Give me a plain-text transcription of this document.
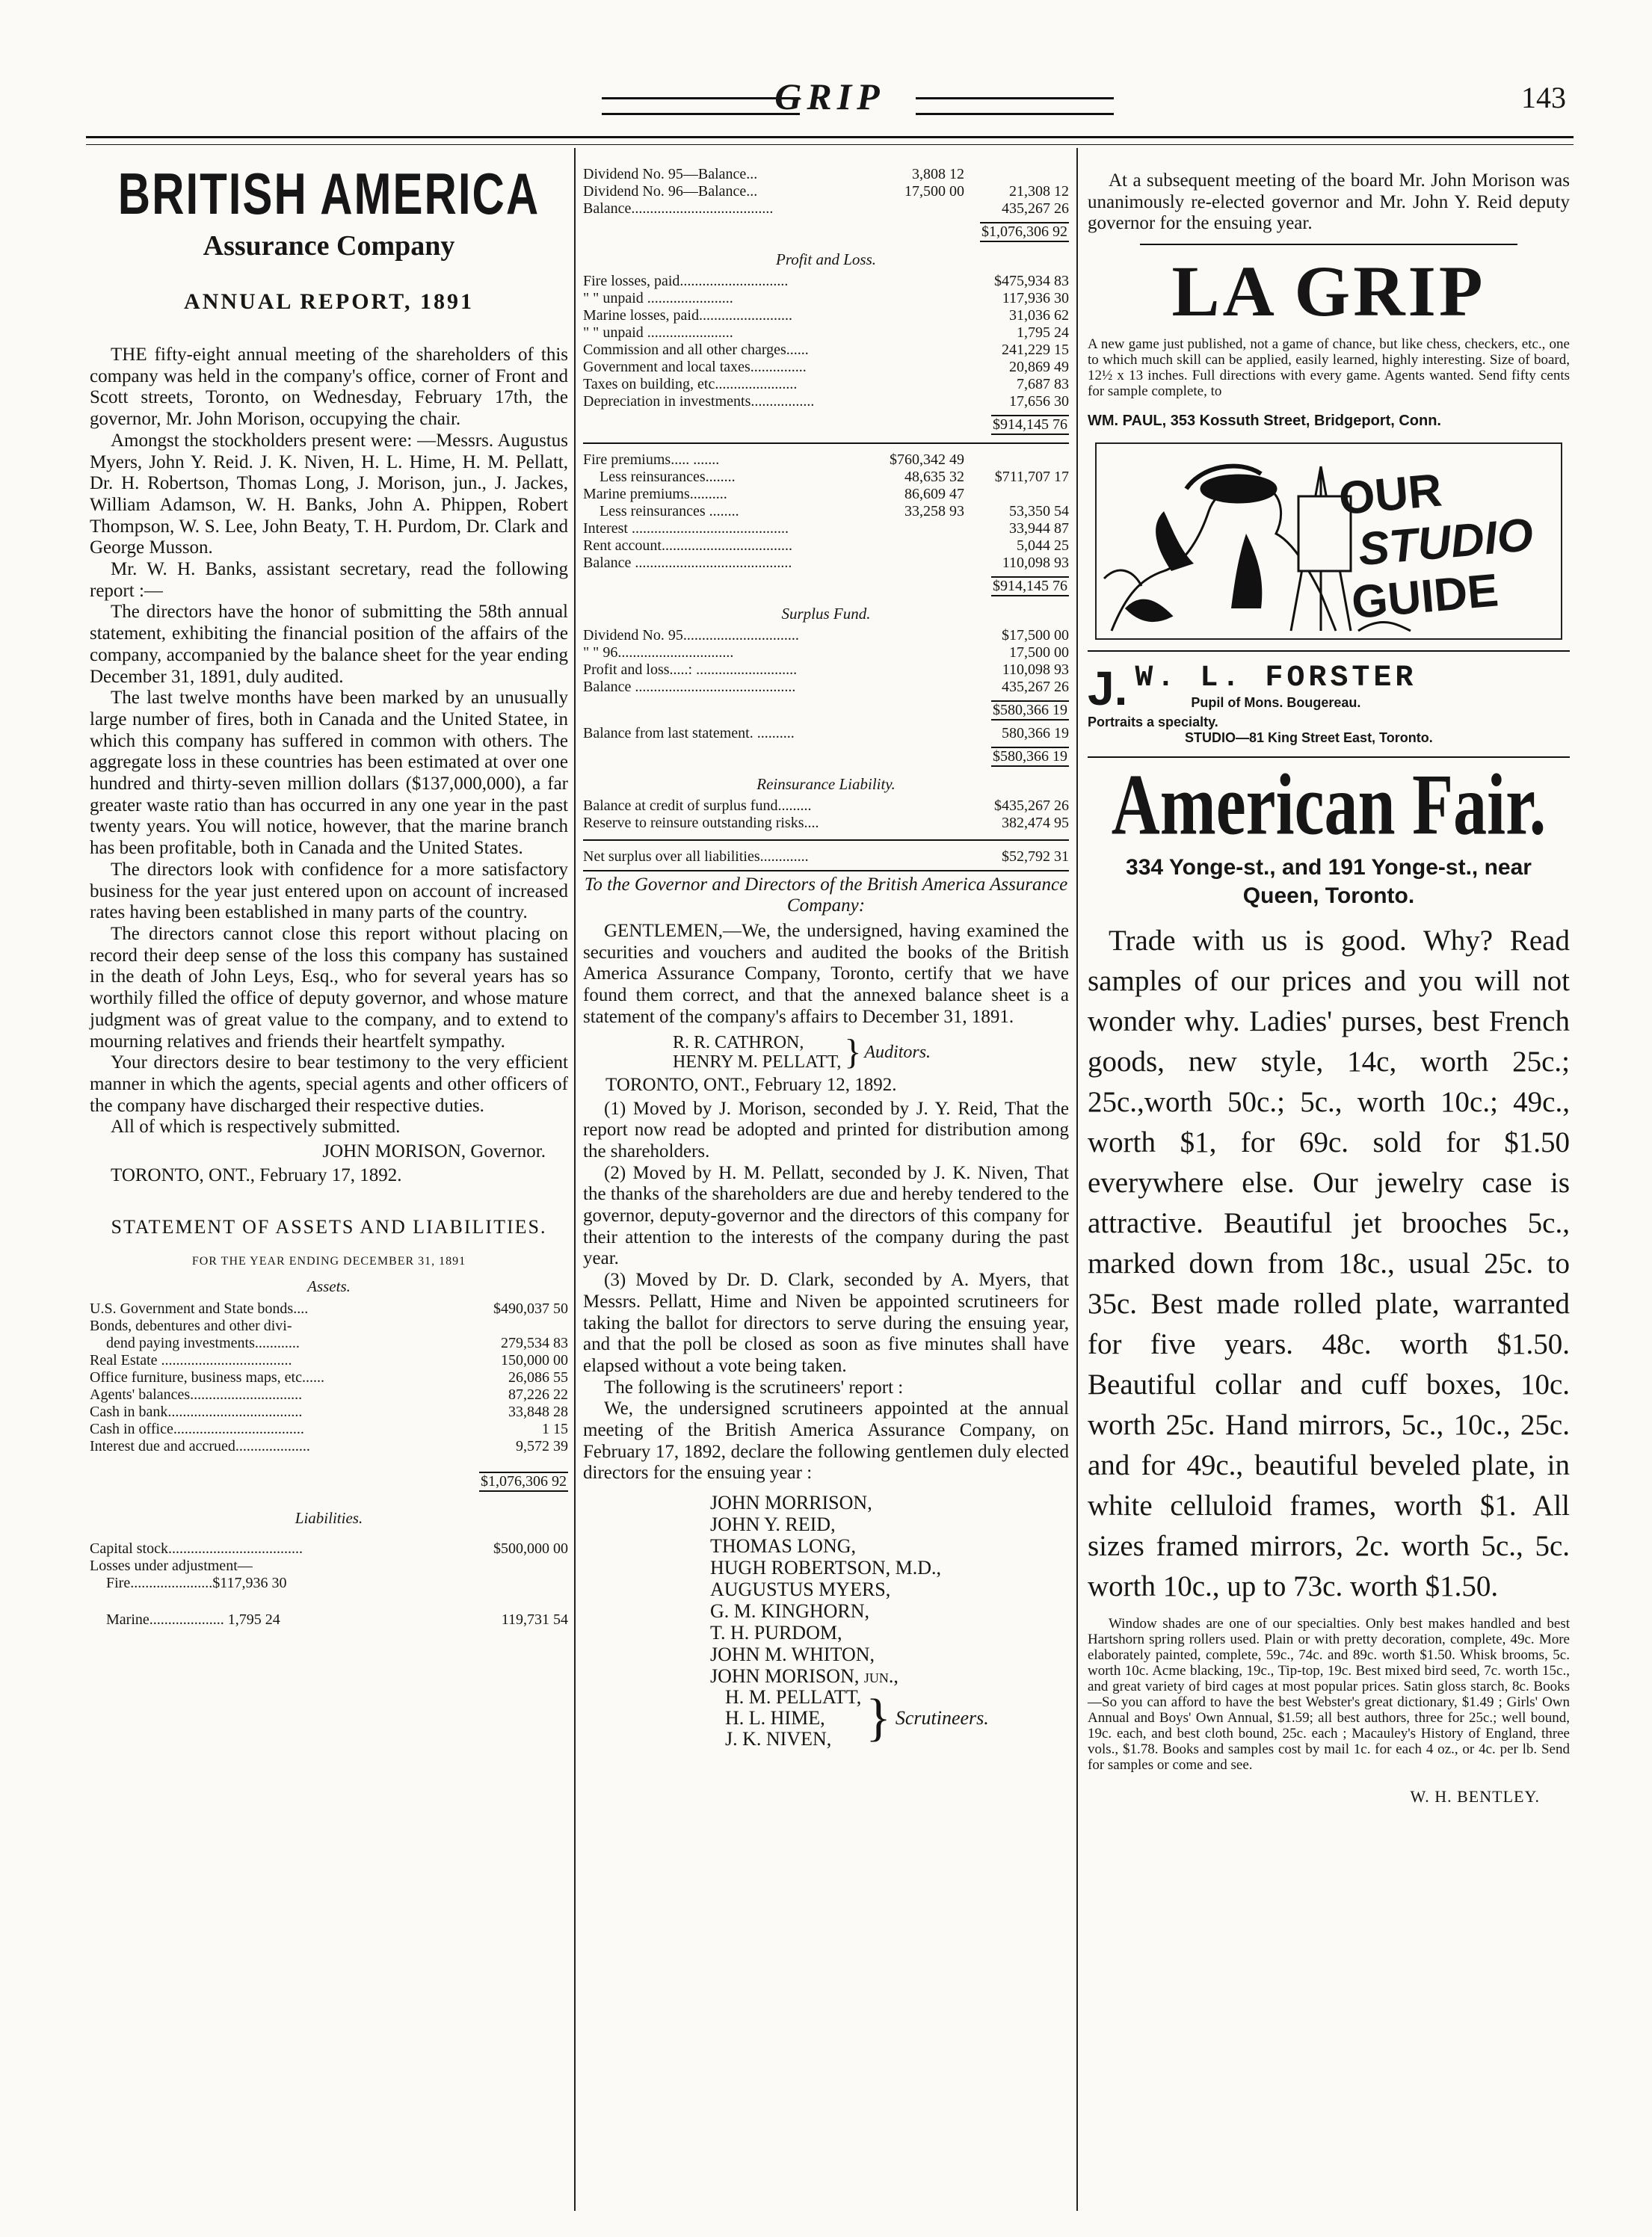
GRIP	143
BRITISH AMERICA
Assurance Company
ANNUAL REPORT, 1891

THE fifty-eight annual meeting of the shareholders of this company was held in the company's office, corner of Front and Scott streets, Toronto, on Wednesday, February 17th, the governor, Mr. John Morison, occupying the chair.

Amongst the stockholders present were: —Messrs. Augustus Myers, John Y. Reid. J. K. Niven, H. L. Hime, H. M. Pellatt, Dr. H. Robertson, Thomas Long, J. Morison, jun., J. Jackes, William Adamson, W. H. Banks, John A. Phippen, Robert Thompson, W. S. Lee, John Beaty, T. H. Purdom, Dr. Clark and George Musson.

Mr. W. H. Banks, assistant secretary, read the following report :—

The directors have the honor of submitting the 58th annual statement, exhibiting the financial position of the affairs of the company, accompanied by the balance sheet for the year ending December 31, 1891, duly audited.

The last twelve months have been marked by an unusually large number of fires, both in Canada and the United Statee, in which this company has suffered in common with others. The aggregate loss in these countries has been estimated at over one hundred and thirty-seven million dollars ($137,000,000), a far greater waste ratio than has occurred in any one year in the past twenty years. You will notice, however, that the marine branch has been profitable, both in Canada and the United States.

The directors look with confidence for a more satisfactory business for the year just entered upon on account of increased rates having been established in many parts of the country.

The directors cannot close this report without placing on record their deep sense of the loss this company has sustained in the death of John Leys, Esq., who for several years has so worthily filled the office of deputy governor, and whose mature judgment was of great value to the company, and to extend to mourning relatives and friends their heartfelt sympathy.

Your directors desire to bear testimony to the very efficient manner in which the agents, special agents and other officers of the company have discharged their respective duties.

All of which is respectively submitted.

JOHN MORISON, Governor.
TORONTO, ONT., February 17, 1892.
STATEMENT OF ASSETS AND LIABILITIES.
FOR THE YEAR ENDING DECEMBER 31, 1891
Assets.
U.S. Government and State bonds....	$490,037 50
Bonds, debentures and other divi-
dend paying investments............	279,534 83
Real Estate ...................................	150,000 00
Office furniture, business maps, etc......	26,086 55
Agents' balances..............................	87,226 22
Cash in bank....................................	33,848 28
Cash in office...................................	1 15
Interest due and accrued....................	9,572 39
$1,076,306 92
Liabilities.
Capital stock....................................	$500,000 00
Losses under adjustment—
Fire......................$117,936 30
Marine.................... 1,795 24	119,731 54
Dividend No. 95—Balance...	3,808 12
Dividend No. 96—Balance...	17,500 00	21,308 12
Balance......................................	435,267 26
$1,076,306 92
Profit and Loss.
Fire losses, paid.............................	$475,934 83
" " unpaid .......................	117,936 30
Marine losses, paid.........................	31,036 62
" " unpaid .......................	1,795 24
Commission and all other charges......	241,229 15
Government and local taxes...............	20,869 49
Taxes on building, etc......................	7,687 83
Depreciation in investments.................	17,656 30
$914,145 76
Fire premiums..... .......	$760,342 49
Less reinsurances........	48,635 32	$711,707 17
Marine premiums..........	86,609 47
Less reinsurances ........	33,258 93	53,350 54
Interest ..........................................	33,944 87
Rent account...................................	5,044 25
Balance ..........................................	110,098 93
$914,145 76
Surplus Fund.
Dividend No. 95...............................	$17,500 00
" " 96...............................	17,500 00
Profit and loss.....: ...........................	110,098 93
Balance ...........................................	435,267 26
$580,366 19
Balance from last statement. ..........	580,366 19
$580,366 19
Reinsurance Liability.
Balance at credit of surplus fund.........	$435,267 26
Reserve to reinsure outstanding risks....	382,474 95
Net surplus over all liabilities.............	$52,792 31

To the Governor and Directors of the British America Assurance Company:

GENTLEMEN,—We, the undersigned, having examined the securities and vouchers and audited the books of the British America Assurance Company, Toronto, certify that we have found them correct, and that the annexed balance sheet is a statement of the company's affairs to December 31, 1891.

R. R. CATHRON,
HENRY M. PELLATT, } Auditors.
TORONTO, ONT., February 12, 1892.

(1) Moved by J. Morison, seconded by J. Y. Reid, That the report now read be adopted and printed for distribution among the shareholders.

(2) Moved by H. M. Pellatt, seconded by J. K. Niven, That the thanks of the shareholders are due and hereby tendered to the governor, deputy-governor and the directors of this company for their attention to the interests of the company during the past year.

(3) Moved by Dr. D. Clark, seconded by A. Myers, that Messrs. Pellatt, Hime and Niven be appointed scrutineers for taking the ballot for directors to serve during the ensuing year, and that the poll be closed as soon as five minutes shall have elapsed without a vote being taken.

The following is the scrutineers' report :

We, the undersigned scrutineers appointed at the annual meeting of the British America Assurance Company, on February 17, 1892, declare the following gentlemen duly elected directors for the ensuing year :

JOHN MORRISON,
JOHN Y. REID,
THOMAS LONG,
HUGH ROBERTSON, M.D.,
AUGUSTUS MYERS,
G. M. KINGHORN,
T. H. PURDOM,
JOHN M. WHITON,
JOHN MORISON, jun.,
H. M. PELLATT,
H. L. HIME,
J. K. NIVEN, } Scrutineers.

At a subsequent meeting of the board Mr. John Morison was unanimously re-elected governor and Mr. John Y. Reid deputy governor for the ensuing year.

LA GRIP

A new game just published, not a game of chance, but like chess, checkers, etc., one to which much skill can be applied, easily learned, highly interesting. Size of board, 12½ x 13 inches. Full directions with every game. Agents wanted. Send fifty cents for sample complete, to

WM. PAUL, 353 Kossuth Street, Bridgeport, Conn.

OUR
STUDIO
GUIDE
J. W. L. FORSTER
Pupil of Mons. Bougereau.
Portraits a specialty.
STUDIO—81 King Street East, Toronto.
American Fair.
334 Yonge-st., and 191 Yonge-st., near Queen, Toronto.

Trade with us is good. Why? Read samples of our prices and you will not wonder why. Ladies' purses, best French goods, new style, 14c, worth 25c.; 25c.,worth 50c.; 5c., worth 10c.; 49c., worth $1, for 69c. sold for $1.50 everywhere else. Our jewelry case is attractive. Beautiful jet brooches 5c., marked down from 18c., usual 25c. to 35c. Best made rolled plate, warranted for five years. 48c. worth $1.50. Beautiful collar and cuff boxes, 10c. worth 25c. Hand mirrors, 5c., 10c., 25c. and for 49c., beautiful beveled plate, in white celluloid frames, worth $1. All sizes framed mirrors, 2c. worth 5c., 5c. worth 10c., up to 73c. worth $1.50.

Window shades are one of our specialties. Only best makes handled and best Hartshorn spring rollers used. Plain or with pretty decoration, complete, 49c. More elaborately painted, complete, 59c., 74c. and 89c. worth $1.50. Whisk brooms, 5c. worth 10c. Acme blacking, 19c., Tip-top, 19c. Best mixed bird seed, 7c. worth 15c., and great variety of bird cages at most popular prices. Satin gloss starch, 8c. Books—So you can afford to have the best Webster's great dictionary, $1.49 ; Girls' Own Annual and Boys' Own Annual, $1.59; all best authors, three for 25c.; well bound, 19c. each, and best cloth bound, 25c. each ; Macauley's History of England, three vols., $1.78. Books and samples cost by mail 1c. for each 4 oz., or 4c. per lb. Send for samples or come and see.

W. H. BENTLEY.
